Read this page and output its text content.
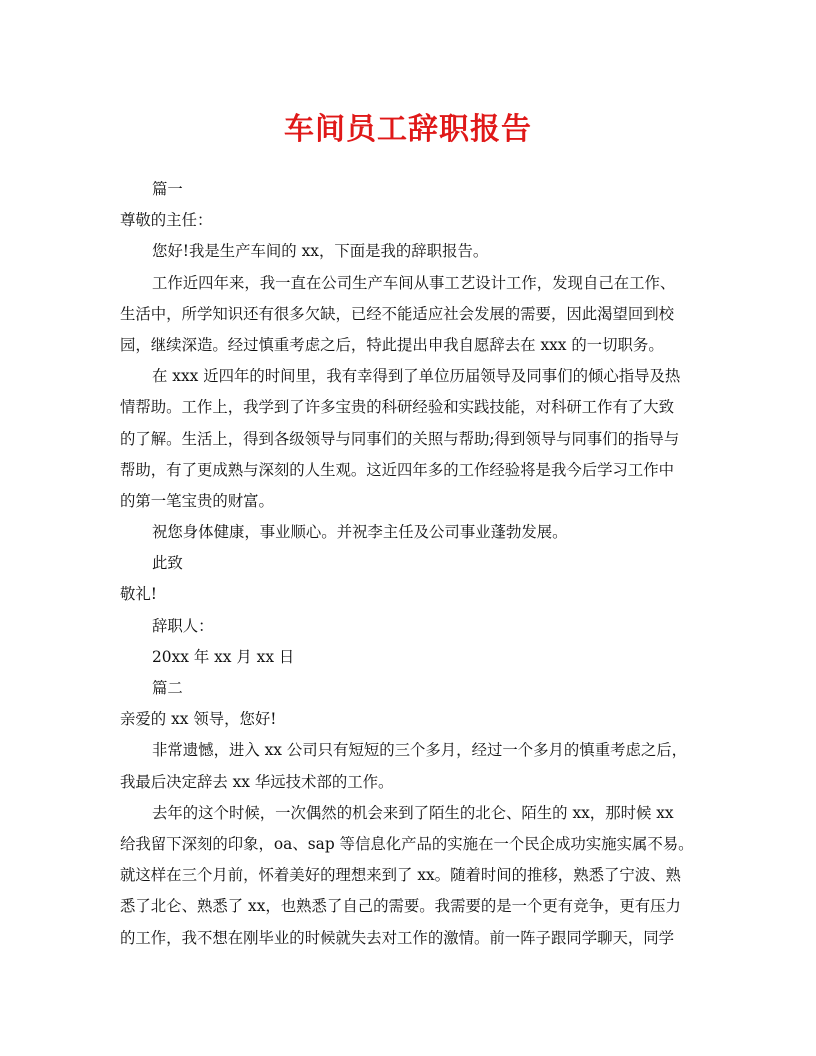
车间员工辞职报告
篇一
尊敬的主任：
您好!我是生产车间的 xx，下面是我的辞职报告。
工作近四年来，我一直在公司生产车间从事工艺设计工作，发现自己在工作、
生活中，所学知识还有很多欠缺，已经不能适应社会发展的需要，因此渴望回到校
园，继续深造。经过慎重考虑之后，特此提出申我自愿辞去在 xxx 的一切职务。
在 xxx 近四年的时间里，我有幸得到了单位历届领导及同事们的倾心指导及热
情帮助。工作上，我学到了许多宝贵的科研经验和实践技能，对科研工作有了大致
的了解。生活上，得到各级领导与同事们的关照与帮助;得到领导与同事们的指导与
帮助，有了更成熟与深刻的人生观。这近四年多的工作经验将是我今后学习工作中
的第一笔宝贵的财富。
祝您身体健康，事业顺心。并祝李主任及公司事业蓬勃发展。
此致
敬礼!
辞职人：
20xx 年 xx 月 xx 日
篇二
亲爱的 xx 领导，您好!
非常遗憾，进入 xx 公司只有短短的三个多月，经过一个多月的慎重考虑之后，
我最后决定辞去 xx 华远技术部的工作。
去年的这个时候，一次偶然的机会来到了陌生的北仑、陌生的 xx，那时候 xx
给我留下深刻的印象，oa、sap 等信息化产品的实施在一个民企成功实施实属不易。
就这样在三个月前，怀着美好的理想来到了 xx。随着时间的推移，熟悉了宁波、熟
悉了北仑、熟悉了 xx，也熟悉了自己的需要。我需要的是一个更有竞争，更有压力
的工作，我不想在刚毕业的时候就失去对工作的激情。前一阵子跟同学聊天，同学
